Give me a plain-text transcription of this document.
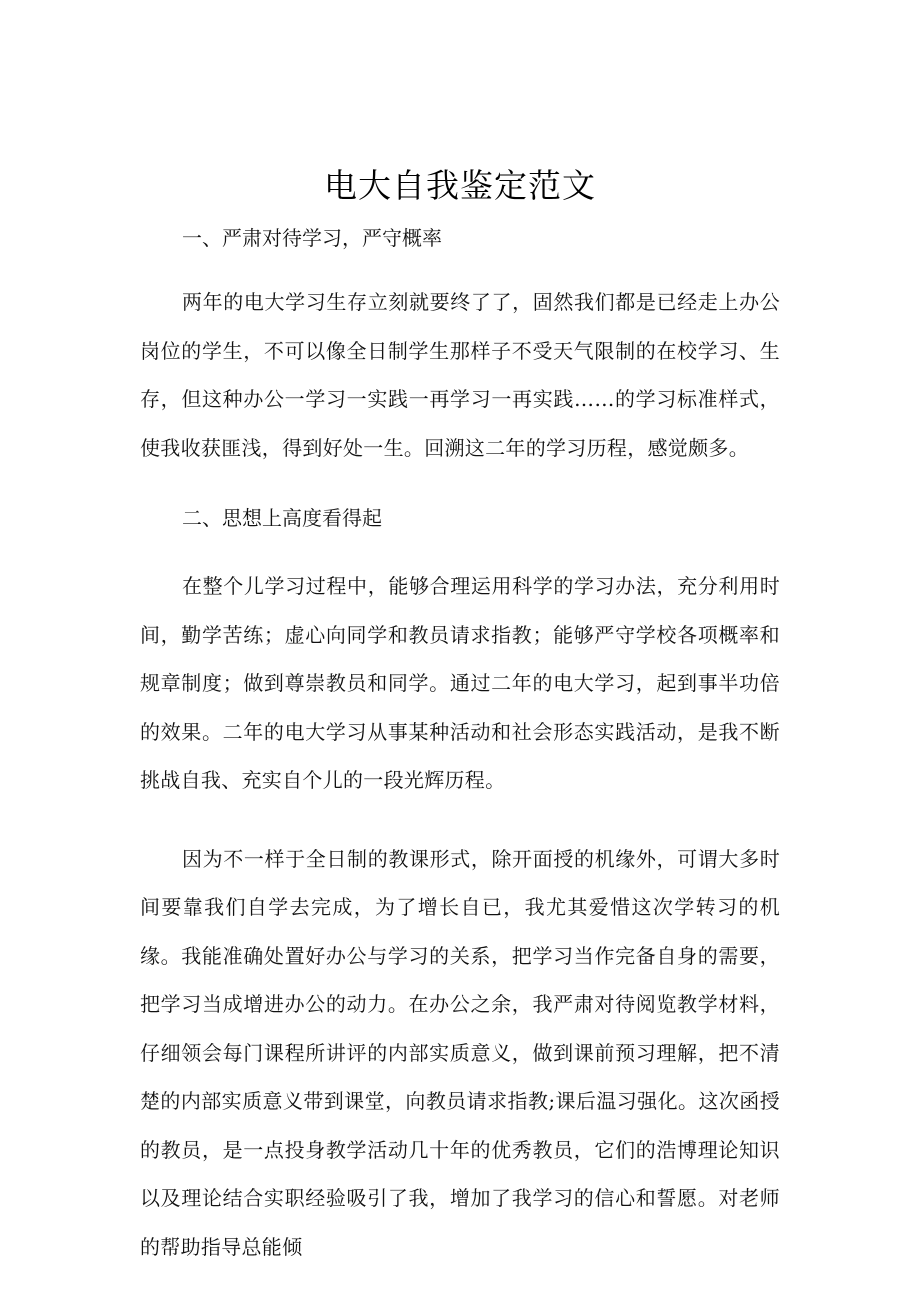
电大自我鉴定范文

一、严肃对待学习，严守概率

两年的电大学习生存立刻就要终了了，固然我们都是已经走上办公岗位的学生，不可以像全日制学生那样子不受天气限制的在校学习、生存，但这种办公一学习一实践一再学习一再实践……的学习标准样式，使我收获匪浅，得到好处一生。回溯这二年的学习历程，感觉颇多。

二、思想上高度看得起

在整个儿学习过程中，能够合理运用科学的学习办法，充分利用时间，勤学苦练；虚心向同学和教员请求指教；能够严守学校各项概率和规章制度；做到尊崇教员和同学。通过二年的电大学习，起到事半功倍的效果。二年的电大学习从事某种活动和社会形态实践活动，是我不断挑战自我、充实自个儿的一段光辉历程。

因为不一样于全日制的教课形式，除开面授的机缘外，可谓大多时间要靠我们自学去完成，为了增长自已，我尤其爱惜这次学转习的机缘。我能准确处置好办公与学习的关系，把学习当作完备自身的需要，把学习当成增进办公的动力。在办公之余，我严肃对待阅览教学材料，仔细领会每门课程所讲评的内部实质意义，做到课前预习理解，把不清楚的内部实质意义带到课堂，向教员请求指教;课后温习强化。这次函授的教员，是一点投身教学活动几十年的优秀教员，它们的浩博理论知识以及理论结合实职经验吸引了我，增加了我学习的信心和誓愿。对老师的帮助指导总能倾
